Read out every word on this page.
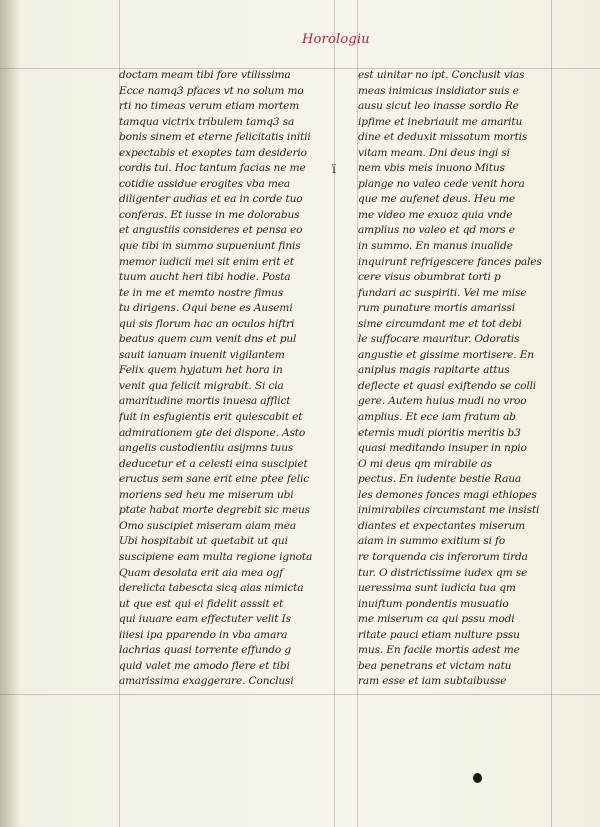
Horologiu
ï
doctam meam tibi fore vtilissima
Ecce namq3 pfaces vt no solum mo
rti no timeas verum etiam mortem
tamqua victrix tribulem tamq3 sa
bonis sinem et eterne felicitatis initii
expectabis et exoptes tam desiderio
cordis tui. Hoc tantum facias ne me
cotidie assidue erogites vba mea
diligenter audias et ea in corde tuo
conferas. Et iusse in me dolorabus
et angustiis consideres et pensa eo
que tibi in summo supueniunt finis
memor iudicii mei sit enim erit et
tuum aucht heri tibi hodie. Posta
te in me et memto nostre fimus
tu dirigens. Oqui bene es Ausemi
qui sis florum hac an oculos hiftri
beatus quem cum venit dns et pul
sauit ianuam inuenit vigilantem
Felix quem hyjatum het hora in
venit qua felicit migrabit. Si cia
amaritudine mortis inuesa afflict
fuit in esfugientis erit quiescabit et
admirationem gte dei dispone. Asto
angelis custodientiu asijmns tuus
deducetur et a celesti eina suscipiet
eructus sem sane erit eine ptee felic
moriens sed heu me miserum ubi
ptate habat morte degrebit sic meus
Omo suscipiet miseram aiam mea
Ubi hospitabit ut quetabit ut qui
suscipiene eam multa regione ignota
Quam desolata erit aia mea ogf
derelicta tabescta sicq aias nimicta
ut que est qui ei fidelit asssit et
qui iuuare eam effectuter velit Is
iiiesi ipa pparendo in vba amara
lachrias quasi torrente effundo g
quid valet me amodo flere et tibi
amarissima exaggerare. Conclusi
est uinitar no ipt. Conclusit vias
meas inimicus insidiator suis e
ausu sicut leo inasse sordio Re
ipfime et inebriauit me amaritu
dine et deduxit missatum mortis
vitam meam. Dni deus ingi si
nem vbis meis inuono Mitus
plange no valeo cede venit hora
que me aufenet deus. Heu me
me video me exuoz quia vnde
amplius no valeo et qd mors e
in summo. En manus inualide
inquirunt refrigescere fances pales
cere visus obumbrat torti p
fundari ac suspiriti. Vel me mise
rum punature mortis amarissi
sime circumdant me et tot debi
le suffocare mauritur. Odoratis
angustie et gissime mortisere. En
aniplus magis rapitarte attus
deflecte et quasi exiftendo se colli
gere. Autem huius mudi no vroo
amplius. Et ece iam fratum ab
eternis mudi pioritis meritis b3
quasi meditando insuper in npio
O mi deus qm mirabile as
pectus. En iudente bestie Raua
les demones fonces magi ethiopes
inimirabiles circumstant me insisti
diantes et expectantes miserum
aiam in summo exitium si fo
re torquenda cis inferorum tirda
tur. O districtissime iudex qm se
ueressima sunt iudicia tua qm
inuiftum pondentis musuatio
me miserum ca qui pssu modi
ritate pauci etiam nulture pssu
mus. En facile mortis adest me
bea penetrans et victam natu
ram esse et iam subtaibusse
